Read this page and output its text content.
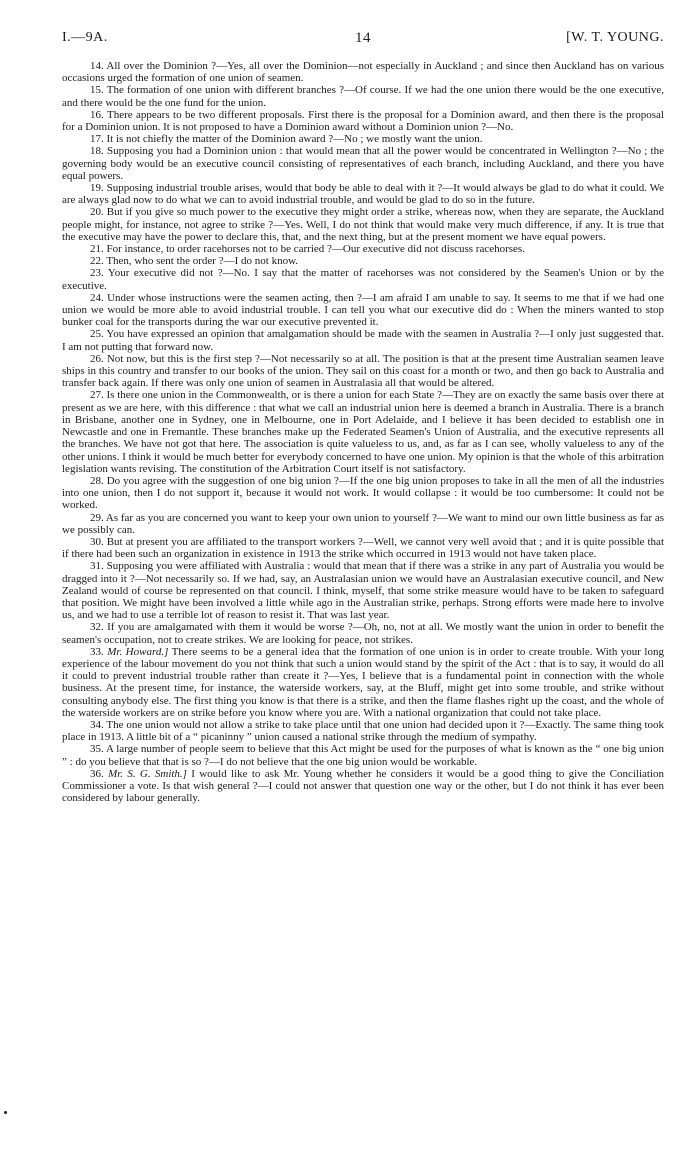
I.—9A.	14	[W. T. YOUNG.

14. All over the Dominion ?—Yes, all over the Dominion—not especially in Auckland ; and since then Auckland has on various occasions urged the formation of one union of seamen.

15. The formation of one union with different branches ?—Of course. If we had the one union there would be the one executive, and there would be the one fund for the union.

16. There appears to be two different proposals. First there is the proposal for a Dominion award, and then there is the proposal for a Dominion union. It is not proposed to have a Dominion award without a Dominion union ?—No.

17. It is not chiefly the matter of the Dominion award ?—No ; we mostly want the union.

18. Supposing you had a Dominion union : that would mean that all the power would be concentrated in Wellington ?—No ; the governing body would be an executive council consisting of representatives of each branch, including Auckland, and there you have equal powers.

19. Supposing industrial trouble arises, would that body be able to deal with it ?—It would always be glad to do what it could. We are always glad now to do what we can to avoid industrial trouble, and would be glad to do so in the future.

20. But if you give so much power to the executive they might order a strike, whereas now, when they are separate, the Auckland people might, for instance, not agree to strike ?—Yes. Well, I do not think that would make very much difference, if any. It is true that the executive may have the power to declare this, that, and the next thing, but at the present moment we have equal powers.

21. For instance, to order racehorses not to be carried ?—Our executive did not discuss racehorses.

22. Then, who sent the order ?—I do not know.

23. Your executive did not ?—No. I say that the matter of racehorses was not considered by the Seamen's Union or by the executive.

24. Under whose instructions were the seamen acting, then ?—I am afraid I am unable to say. It seems to me that if we had one union we would be more able to avoid industrial trouble. I can tell you what our executive did do : When the miners wanted to stop bunker coal for the transports during the war our executive prevented it.

25. You have expressed an opinion that amalgamation should be made with the seamen in Australia ?—I only just suggested that. I am not putting that forward now.

26. Not now, but this is the first step ?—Not necessarily so at all. The position is that at the present time Australian seamen leave ships in this country and transfer to our books of the union. They sail on this coast for a month or two, and then go back to Australia and transfer back again. If there was only one union of seamen in Australasia all that would be altered.

27. Is there one union in the Commonwealth, or is there a union for each State ?—They are on exactly the same basis over there at present as we are here, with this difference : that what we call an industrial union here is deemed a branch in Australia. There is a branch in Brisbane, another one in Sydney, one in Melbourne, one in Port Adelaide, and I believe it has been decided to establish one in Newcastle and one in Fremantle. These branches make up the Federated Seamen's Union of Australia, and the executive represents all the branches. We have not got that here. The association is quite valueless to us, and, as far as I can see, wholly valueless to any of the other unions. I think it would be much better for everybody concerned to have one union. My opinion is that the whole of this arbitration legislation wants revising. The constitution of the Arbitration Court itself is not satisfactory.

28. Do you agree with the suggestion of one big union ?—If the one big union proposes to take in all the men of all the industries into one union, then I do not support it, because it would not work. It would collapse : it would be too cumbersome: It could not be worked.

29. As far as you are concerned you want to keep your own union to yourself ?—We want to mind our own little business as far as we possibly can.

30. But at present you are affiliated to the transport workers ?—Well, we cannot very well avoid that ; and it is quite possible that if there had been such an organization in existence in 1913 the strike which occurred in 1913 would not have taken place.

31. Supposing you were affiliated with Australia : would that mean that if there was a strike in any part of Australia you would be dragged into it ?—Not necessarily so. If we had, say, an Australasian union we would have an Australasian executive council, and New Zealand would of course be represented on that council. I think, myself, that some strike measure would have to be taken to safeguard that position. We might have been involved a little while ago in the Australian strike, perhaps. Strong efforts were made here to involve us, and we had to use a terrible lot of reason to resist it. That was last year.

32. If you are amalgamated with them it would be worse ?—Oh, no, not at all. We mostly want the union in order to benefit the seamen's occupation, not to create strikes. We are looking for peace, not strikes.

33. Mr. Howard.] There seems to be a general idea that the formation of one union is in order to create trouble. With your long experience of the labour movement do you not think that such a union would stand by the spirit of the Act : that is to say, it would do all it could to prevent industrial trouble rather than create it ?—Yes, I believe that is a fundamental point in connection with the whole business. At the present time, for instance, the waterside workers, say, at the Bluff, might get into some trouble, and strike without consulting anybody else. The first thing you know is that there is a strike, and then the flame flashes right up the coast, and the whole of the waterside workers are on strike before you know where you are. With a national organization that could not take place.

34. The one union would not allow a strike to take place until that one union had decided upon it ?—Exactly. The same thing took place in 1913. A little bit of a “ picaninny ” union caused a national strike through the medium of sympathy.

35. A large number of people seem to believe that this Act might be used for the purposes of what is known as the “ one big union ” : do you believe that that is so ?—I do not believe that the one big union would be workable.

36. Mr. S. G. Smith.] I would like to ask Mr. Young whether he considers it would be a good thing to give the Conciliation Commissioner a vote. Is that wish general ?—I could not answer that question one way or the other, but I do not think it has ever been considered by labour generally.
